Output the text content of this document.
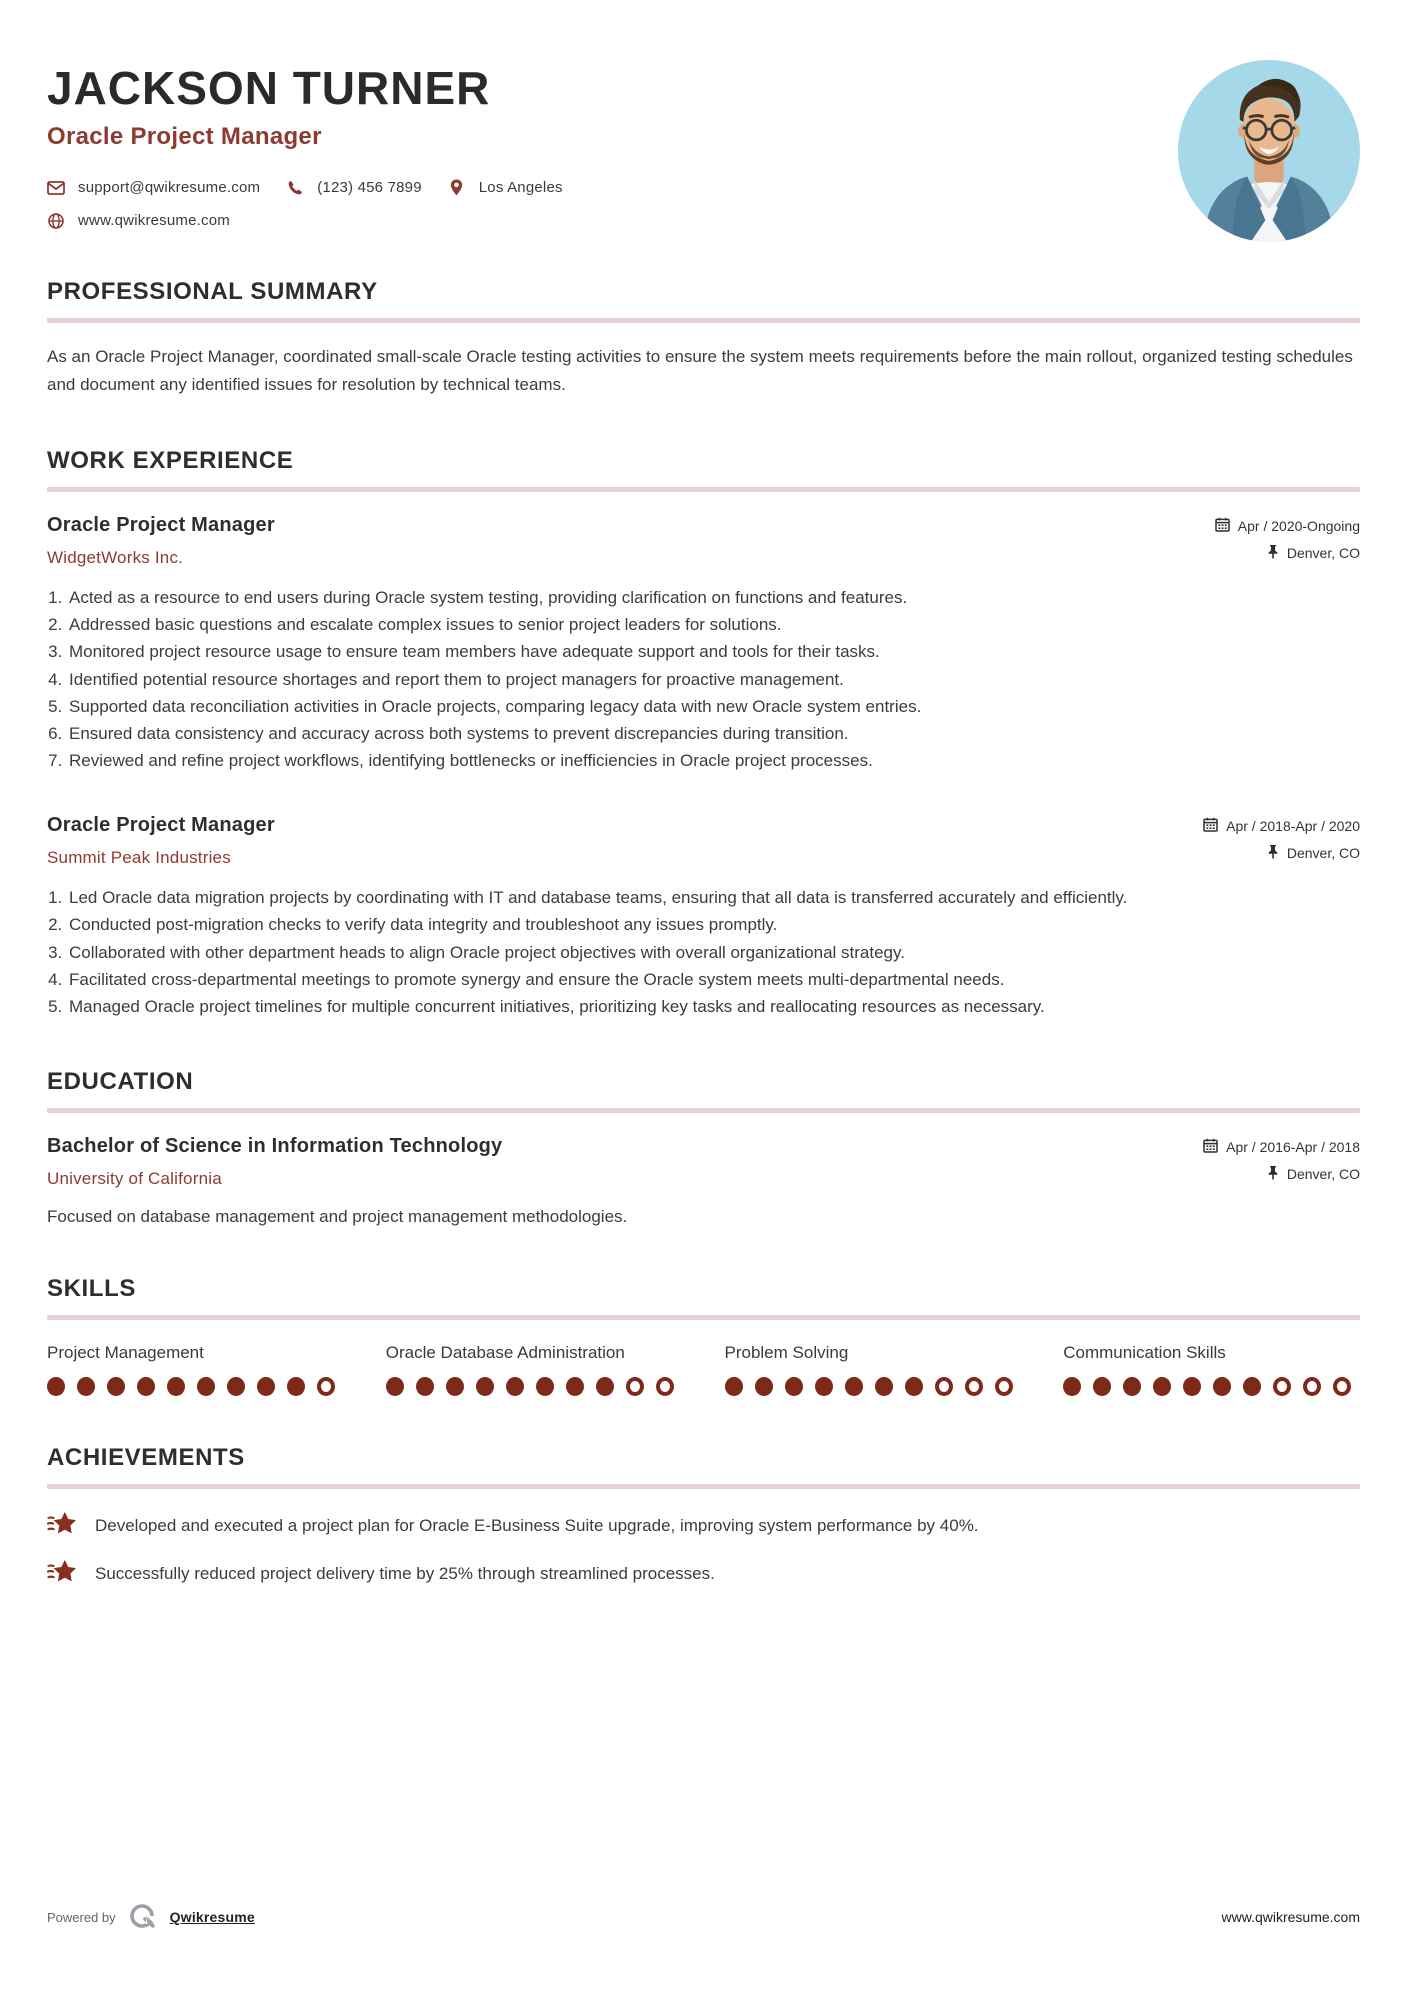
JACKSON TURNER
Oracle Project Manager
support@qwikresume.com	(123) 456 7899	Los Angeles
www.qwikresume.com
PROFESSIONAL SUMMARY
As an Oracle Project Manager, coordinated small-scale Oracle testing activities to ensure the system meets requirements before the main rollout, organized testing schedules and document any identified issues for resolution by technical teams.
WORK EXPERIENCE
Oracle Project Manager
WidgetWorks Inc.
Apr / 2020-Ongoing
Denver, CO
1. Acted as a resource to end users during Oracle system testing, providing clarification on functions and features.
2. Addressed basic questions and escalate complex issues to senior project leaders for solutions.
3. Monitored project resource usage to ensure team members have adequate support and tools for their tasks.
4. Identified potential resource shortages and report them to project managers for proactive management.
5. Supported data reconciliation activities in Oracle projects, comparing legacy data with new Oracle system entries.
6. Ensured data consistency and accuracy across both systems to prevent discrepancies during transition.
7. Reviewed and refine project workflows, identifying bottlenecks or inefficiencies in Oracle project processes.
Oracle Project Manager
Summit Peak Industries
Apr / 2018-Apr / 2020
Denver, CO
1. Led Oracle data migration projects by coordinating with IT and database teams, ensuring that all data is transferred accurately and efficiently.
2. Conducted post-migration checks to verify data integrity and troubleshoot any issues promptly.
3. Collaborated with other department heads to align Oracle project objectives with overall organizational strategy.
4. Facilitated cross-departmental meetings to promote synergy and ensure the Oracle system meets multi-departmental needs.
5. Managed Oracle project timelines for multiple concurrent initiatives, prioritizing key tasks and reallocating resources as necessary.
EDUCATION
Bachelor of Science in Information Technology
University of California
Apr / 2016-Apr / 2018
Denver, CO
Focused on database management and project management methodologies.
SKILLS
Project Management	Oracle Database Administration	Problem Solving	Communication Skills
ACHIEVEMENTS
Developed and executed a project plan for Oracle E-Business Suite upgrade, improving system performance by 40%.
Successfully reduced project delivery time by 25% through streamlined processes.
Powered by	Qwikresume	www.qwikresume.com
